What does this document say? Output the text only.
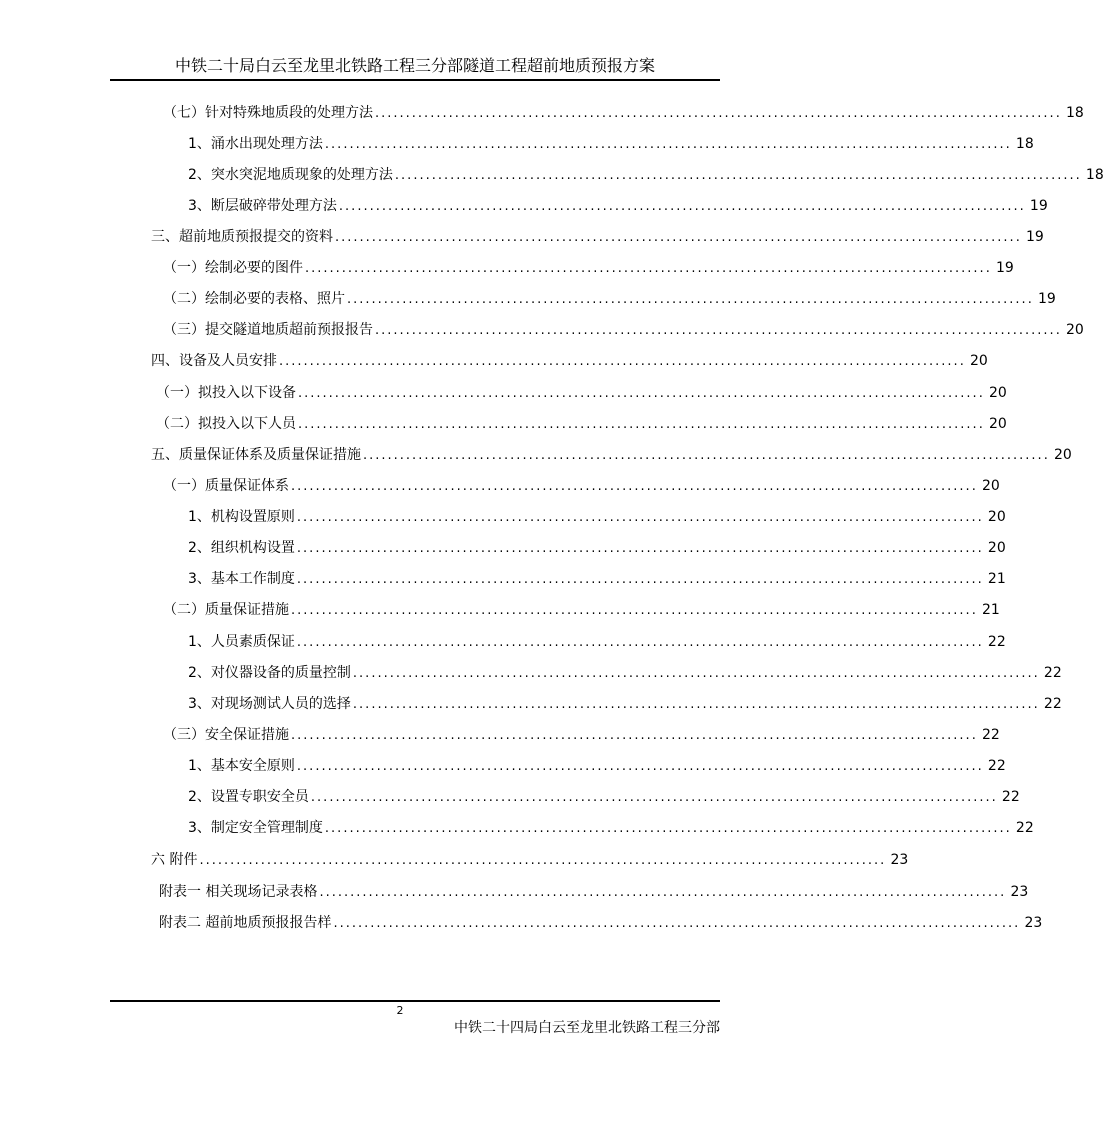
中铁二十局白云至龙里北铁路工程三分部隧道工程超前地质预报方案
（七）针对特殊地质段的处理方法 ................................................................................................................ 18
1、涌水出现处理方法 ................................................................................................................ 18
2、突水突泥地质现象的处理方法 ................................................................................................................ 18
3、断层破碎带处理方法 ................................................................................................................ 19
三、超前地质预报提交的资料 ................................................................................................................ 19
（一）绘制必要的图件 ................................................................................................................ 19
（二）绘制必要的表格、照片 ................................................................................................................ 19
（三）提交隧道地质超前预报报告 ................................................................................................................ 20
四、设备及人员安排 ................................................................................................................ 20
（一）拟投入以下设备 ................................................................................................................ 20
（二）拟投入以下人员 ................................................................................................................ 20
五、质量保证体系及质量保证措施 ................................................................................................................ 20
（一）质量保证体系 ................................................................................................................ 20
1、机构设置原则 ................................................................................................................ 20
2、组织机构设置 ................................................................................................................ 20
3、基本工作制度 ................................................................................................................ 21
（二）质量保证措施 ................................................................................................................ 21
1、人员素质保证 ................................................................................................................ 22
2、对仪器设备的质量控制 ................................................................................................................ 22
3、对现场测试人员的选择 ................................................................................................................ 22
（三）安全保证措施 ................................................................................................................ 22
1、基本安全原则 ................................................................................................................ 22
2、设置专职安全员 ................................................................................................................ 22
3、制定安全管理制度 ................................................................................................................ 22
六 附件 ................................................................................................................ 23
附表一 相关现场记录表格 ................................................................................................................ 23
附表二 超前地质预报报告样 ................................................................................................................ 23
2
中铁二十四局白云至龙里北铁路工程三分部
